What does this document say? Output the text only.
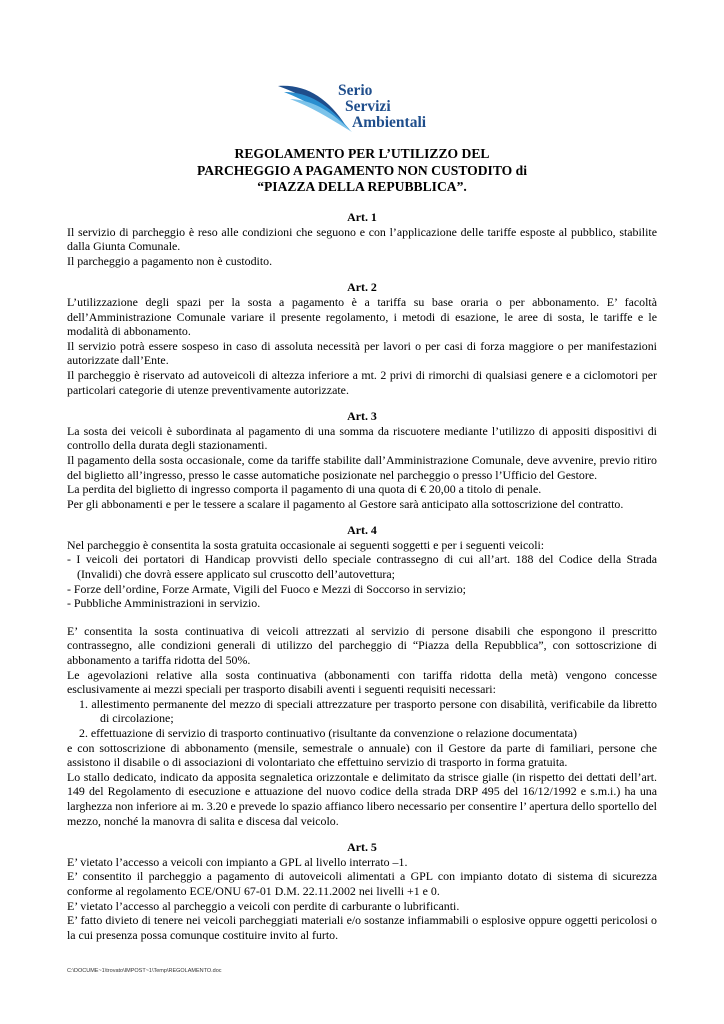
Serio
Servizi
Ambientali
REGOLAMENTO PER L’UTILIZZO DEL
PARCHEGGIO A PAGAMENTO NON CUSTODITO di
“PIAZZA DELLA REPUBBLICA”.
Art. 1

Il servizio di parcheggio è reso alle condizioni che seguono e con l’applicazione delle tariffe esposte al pubblico, stabilite dalla Giunta Comunale.

Il parcheggio a pagamento non è custodito.

Art. 2

L’utilizzazione degli spazi per la sosta a pagamento è a tariffa su base oraria o per abbonamento. E’ facoltà dell’Amministrazione Comunale variare il presente regolamento, i metodi di esazione, le aree di sosta, le tariffe e le modalità di abbonamento.

Il servizio potrà essere sospeso in caso di assoluta necessità per lavori o per casi di forza maggiore o per manifestazioni autorizzate dall’Ente.

Il parcheggio è riservato ad autoveicoli di altezza inferiore a mt. 2 privi di rimorchi di qualsiasi genere e a ciclomotori per particolari categorie di utenze preventivamente autorizzate.

Art. 3

La sosta dei veicoli è subordinata al pagamento di una somma da riscuotere mediante l’utilizzo di appositi dispositivi di controllo della durata degli stazionamenti.

Il pagamento della sosta occasionale, come da tariffe stabilite dall’Amministrazione Comunale, deve avvenire, previo ritiro del biglietto all’ingresso, presso le casse automatiche posizionate nel parcheggio o presso l’Ufficio del Gestore.

La perdita del biglietto di ingresso comporta il pagamento di una quota di € 20,00 a titolo di penale.

Per gli abbonamenti e per le tessere a scalare il pagamento al Gestore sarà anticipato alla sottoscrizione del contratto.

Art. 4

Nel parcheggio è consentita la sosta gratuita occasionale ai seguenti soggetti e per i seguenti veicoli:

- I veicoli dei portatori di Handicap provvisti dello speciale contrassegno di cui all’art. 188 del Codice della Strada (Invalidi) che dovrà essere applicato sul cruscotto dell’autovettura;

- Forze dell’ordine, Forze Armate, Vigili del Fuoco e Mezzi di Soccorso in servizio;

- Pubbliche Amministrazioni in servizio.

E’ consentita la sosta continuativa di veicoli attrezzati al servizio di persone disabili che espongono il prescritto contrassegno, alle condizioni generali di utilizzo del parcheggio di “Piazza della Repubblica”, con sottoscrizione di abbonamento a tariffa ridotta del 50%.

Le agevolazioni relative alla sosta continuativa (abbonamenti con tariffa ridotta della metà) vengono concesse esclusivamente ai mezzi speciali per trasporto disabili aventi i seguenti requisiti necessari:

1. allestimento permanente del mezzo di speciali attrezzature per trasporto persone con disabilità, verificabile da libretto di circolazione;

2. effettuazione di servizio di trasporto continuativo (risultante da convenzione o relazione documentata)

e con sottoscrizione di abbonamento (mensile, semestrale o annuale) con il Gestore da parte di familiari, persone che assistono il disabile o di associazioni di volontariato che effettuino servizio di trasporto in forma gratuita.

Lo stallo dedicato, indicato da apposita segnaletica orizzontale e delimitato da strisce gialle (in rispetto dei dettati dell’art. 149 del Regolamento di esecuzione e attuazione del nuovo codice della strada DRP 495 del 16/12/1992 e s.m.i.) ha una larghezza non inferiore ai m. 3.20 e prevede lo spazio affianco libero necessario per consentire l’ apertura dello sportello del mezzo, nonché la manovra di salita e discesa dal veicolo.

Art. 5

E’ vietato l’accesso a veicoli con impianto a GPL al livello interrato –1.

E’ consentito il parcheggio a pagamento di autoveicoli alimentati a GPL con impianto dotato di sistema di sicurezza conforme al regolamento ECE/ONU 67-01 D.M. 22.11.2002 nei livelli +1 e 0.

E’ vietato l’accesso al parcheggio a veicoli con perdite di carburante o lubrificanti.

E’ fatto divieto di tenere nei veicoli parcheggiati materiali e/o sostanze infiammabili o esplosive oppure oggetti pericolosi o la cui presenza possa comunque costituire invito al furto.

C:\DOCUME~1\trovato\IMPOST~1\Temp\REGOLAMENTO.doc
